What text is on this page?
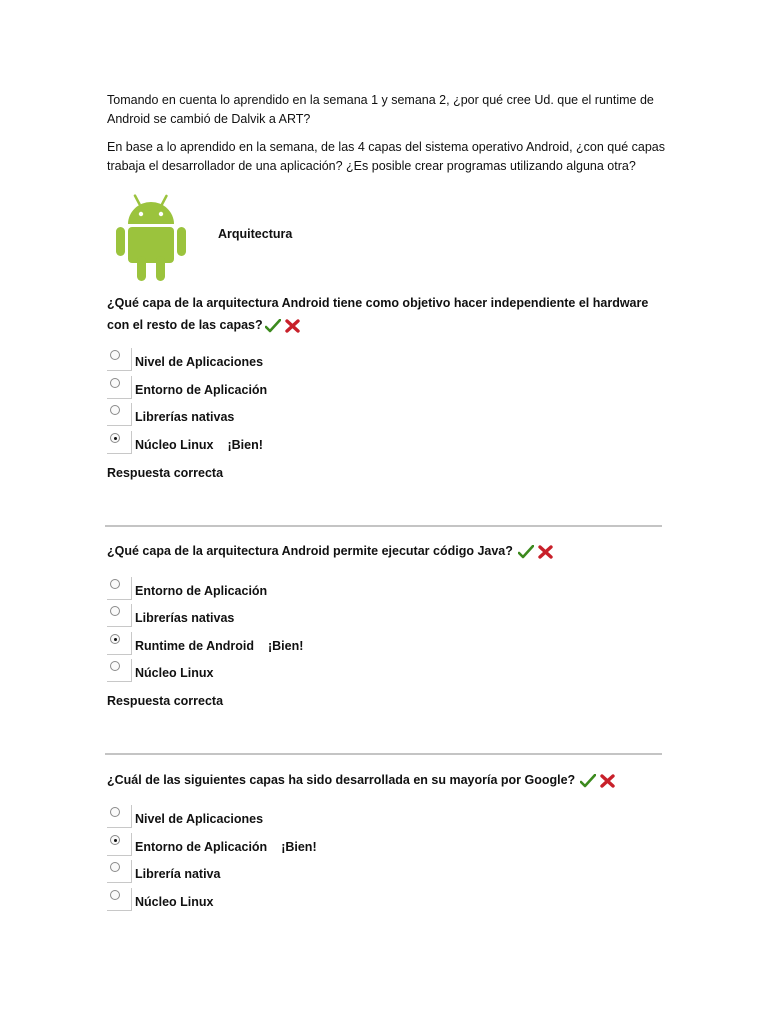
Tomando en cuenta lo aprendido en la semana 1 y semana 2, ¿por qué cree Ud. que el runtime de Android se cambió de Dalvik a ART?
En base a lo aprendido en la semana, de las 4 capas del sistema operativo Android, ¿con qué capas trabaja el desarrollador de una aplicación? ¿Es posible crear programas utilizando alguna otra?
Arquitectura
¿Qué capa de la arquitectura Android tiene como objetivo hacer independiente el hardware con el resto de las capas?
Nivel de Aplicaciones
Entorno de Aplicación
Librerías nativas
Núcleo Linux ¡Bien!
Respuesta correcta
¿Qué capa de la arquitectura Android permite ejecutar código Java?
Entorno de Aplicación
Librerías nativas
Runtime de Android ¡Bien!
Núcleo Linux
Respuesta correcta
¿Cuál de las siguientes capas ha sido desarrollada en su mayoría por Google?
Nivel de Aplicaciones
Entorno de Aplicación ¡Bien!
Librería nativa
Núcleo Linux
